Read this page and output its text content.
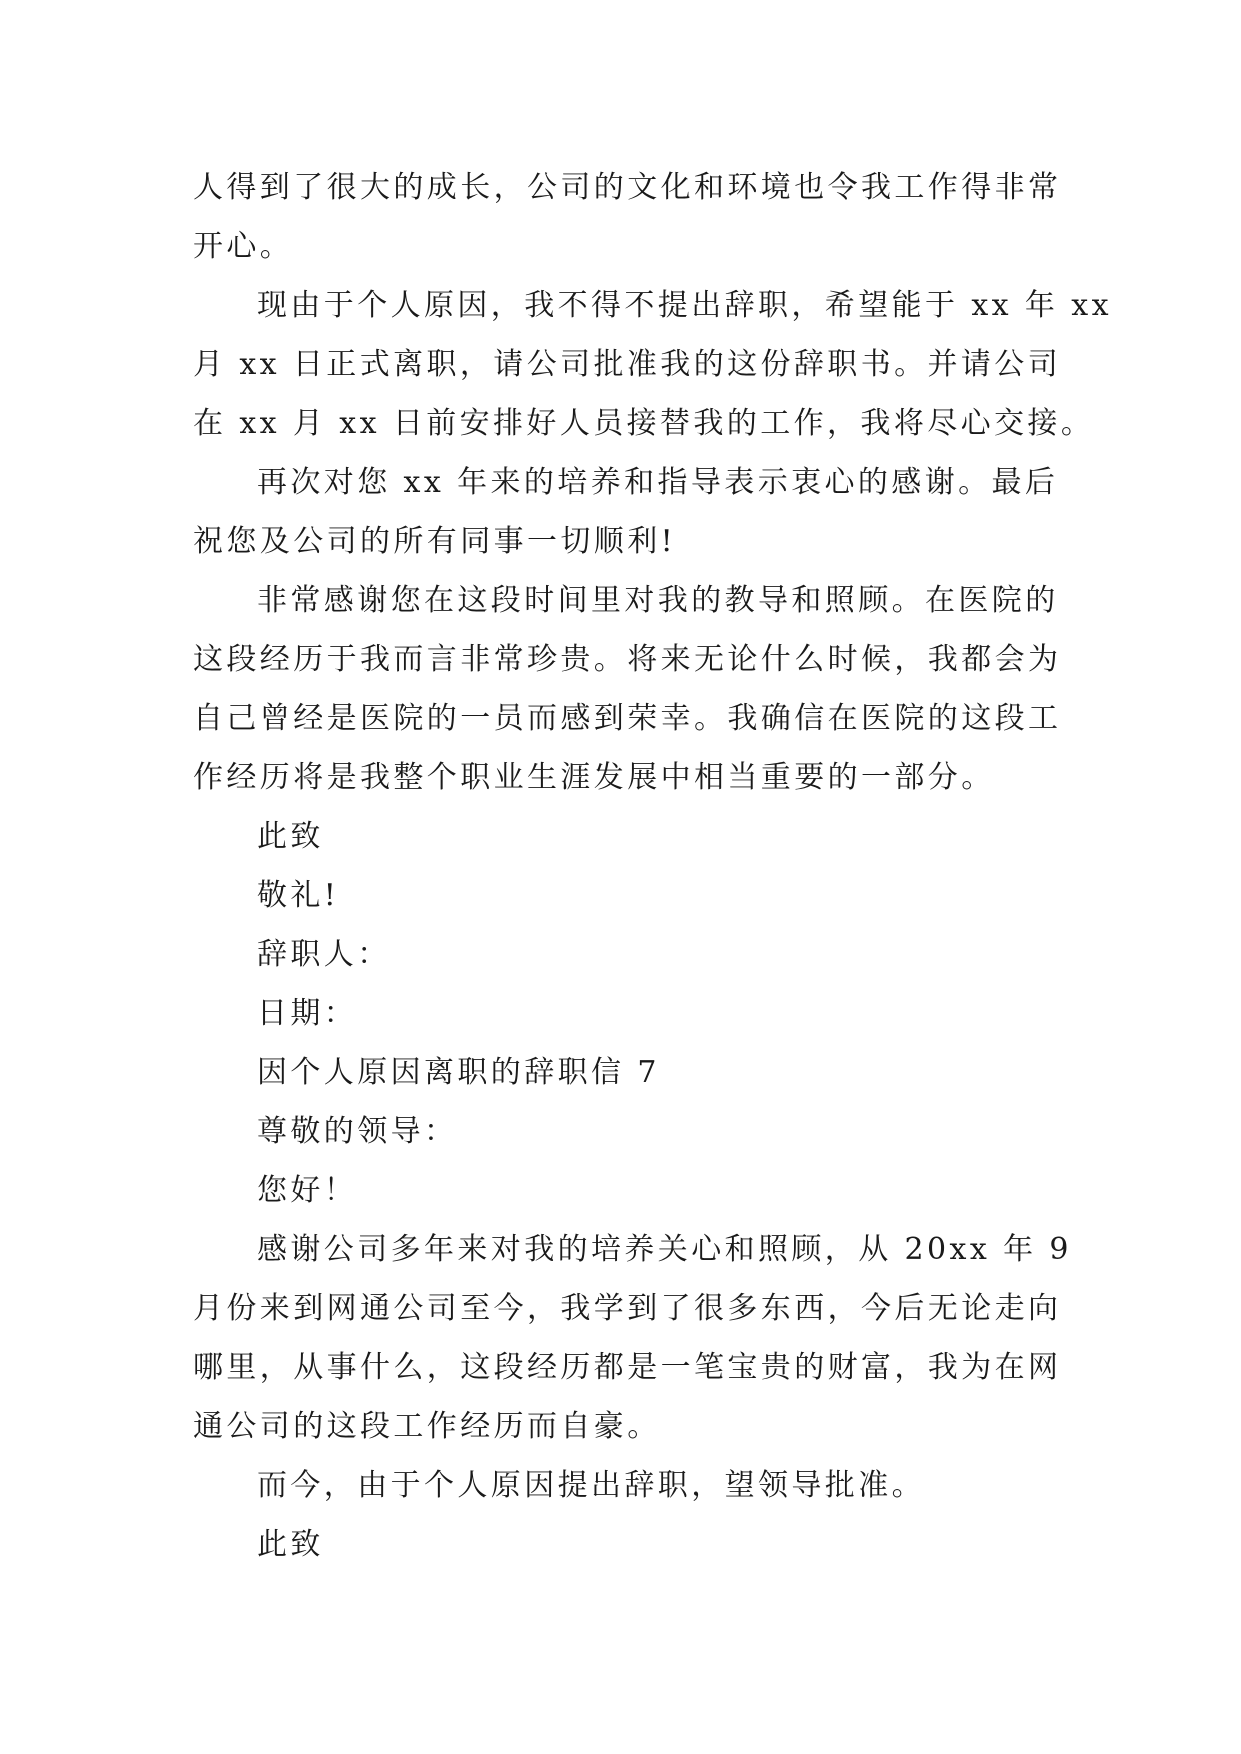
人得到了很大的成长，公司的文化和环境也令我工作得非常
开心。
现由于个人原因，我不得不提出辞职，希望能于 xx 年 xx
月 xx 日正式离职，请公司批准我的这份辞职书。并请公司
在 xx 月 xx 日前安排好人员接替我的工作，我将尽心交接。
再次对您 xx 年来的培养和指导表示衷心的感谢。最后
祝您及公司的所有同事一切顺利!
非常感谢您在这段时间里对我的教导和照顾。在医院的
这段经历于我而言非常珍贵。将来无论什么时候，我都会为
自己曾经是医院的一员而感到荣幸。我确信在医院的这段工
作经历将是我整个职业生涯发展中相当重要的一部分。
此致
敬礼!
辞职人：
日期：
因个人原因离职的辞职信 7
尊敬的领导：
您好！
感谢公司多年来对我的培养关心和照顾，从 20xx 年 9
月份来到网通公司至今，我学到了很多东西，今后无论走向
哪里，从事什么，这段经历都是一笔宝贵的财富，我为在网
通公司的这段工作经历而自豪。
而今，由于个人原因提出辞职，望领导批准。
此致
